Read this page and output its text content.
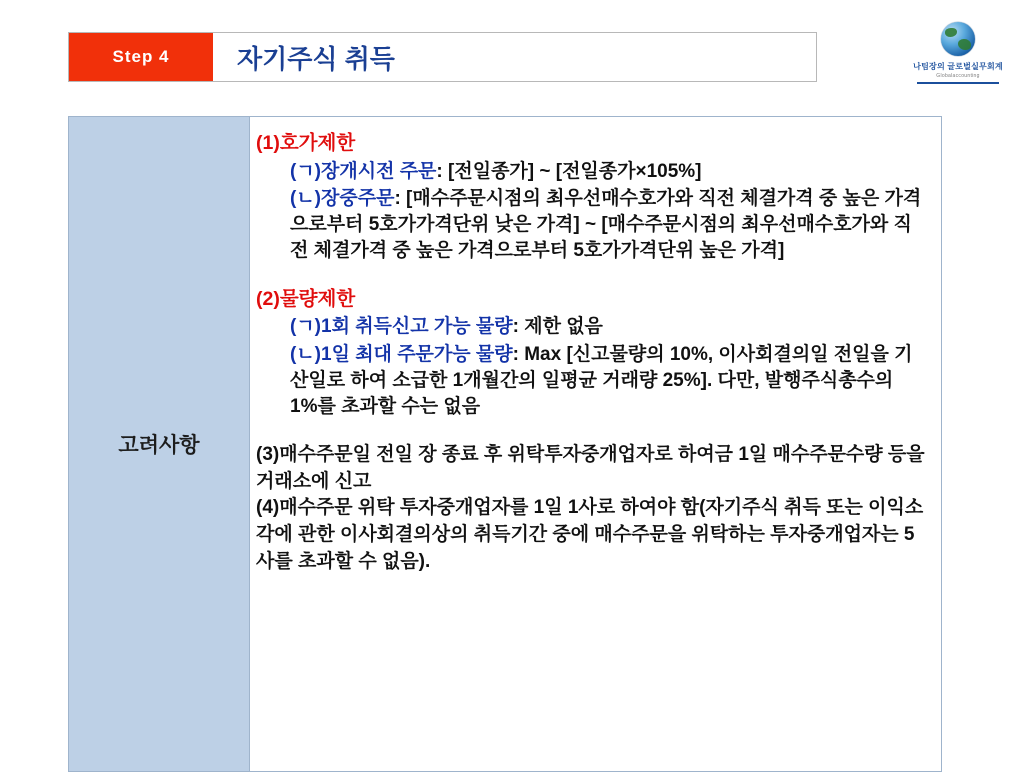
Step 4	자기주식 취득	나팀장의 글로벌실무회계
Globalaccounting
고려사항

(1)호가제한

(ㄱ)장개시전 주문: [전일종가] ~ [전일종가×105%]

(ㄴ)장중주문: [매수주문시점의 최우선매수호가와 직전 체결가격 중 높은 가격으로부터 5호가가격단위 낮은 가격] ~ [매수주문시점의 최우선매수호가와 직전 체결가격 중 높은 가격으로부터 5호가가격단위 높은 가격]

(2)물량제한

(ㄱ)1회 취득신고 가능 물량: 제한 없음

(ㄴ)1일 최대 주문가능 물량: Max [신고물량의 10%, 이사회결의일 전일을 기산일로 하여 소급한 1개월간의 일평균 거래량 25%]. 다만, 발행주식총수의 1%를 초과할 수는 없음

(3)매수주문일 전일 장 종료 후 위탁투자중개업자로 하여금 1일 매수주문수량 등을 거래소에 신고

(4)매수주문 위탁 투자중개업자를 1일 1사로 하여야 함(자기주식 취득 또는 이익소각에 관한 이사회결의상의 취득기간 중에 매수주문을 위탁하는 투자중개업자는 5사를 초과할 수 없음).
